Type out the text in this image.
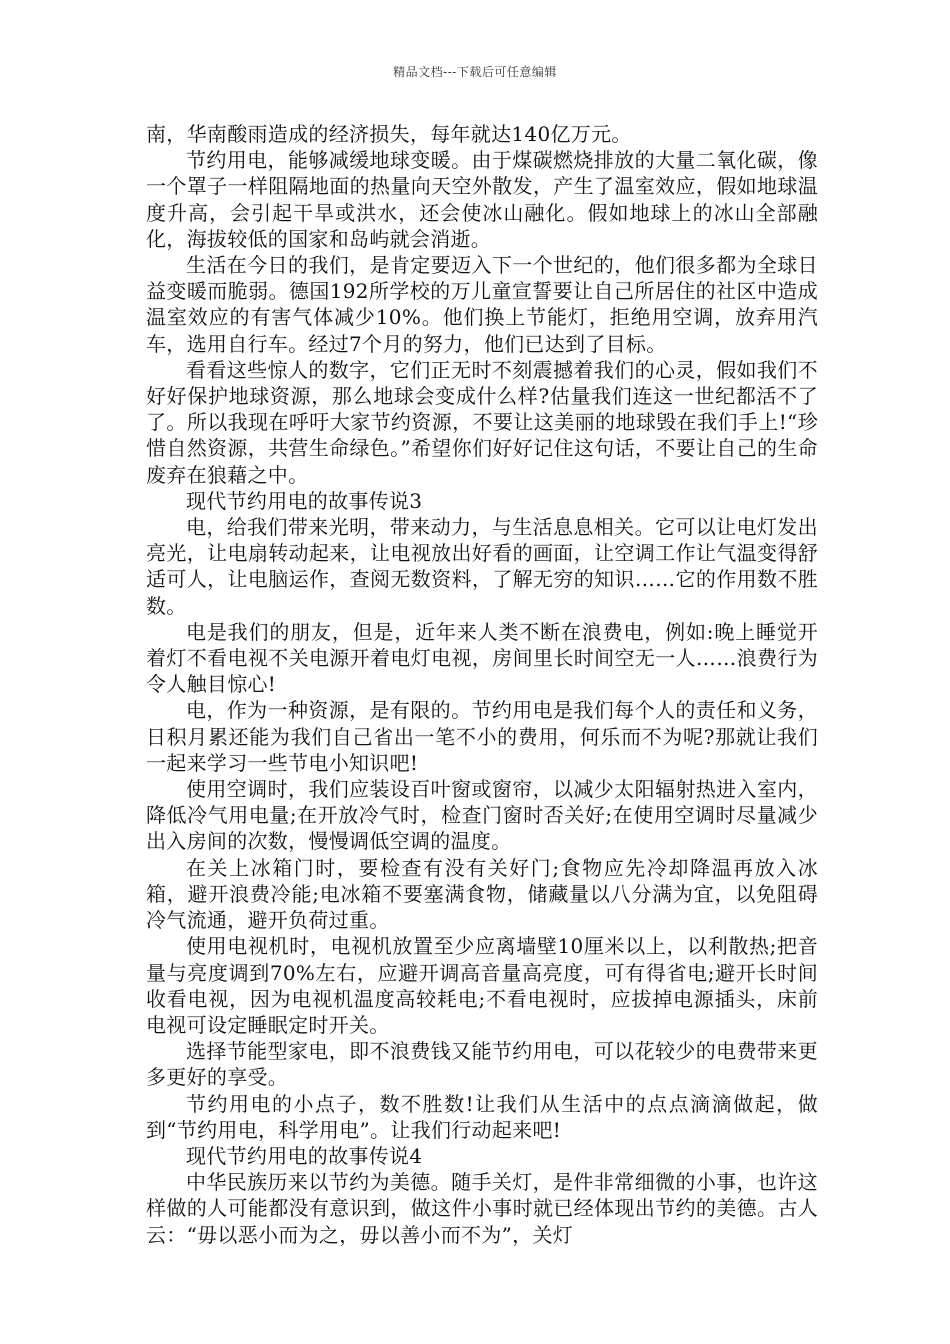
精品文档---下载后可任意编辑

南，华南酸雨造成的经济损失，每年就达140亿万元。

节约用电，能够减缓地球变暖。由于煤碳燃烧排放的大量二氧化碳，像一个罩子一样阻隔地面的热量向天空外散发，产生了温室效应，假如地球温度升高，会引起干旱或洪水，还会使冰山融化。假如地球上的冰山全部融化，海拔较低的国家和岛屿就会消逝。

生活在今日的我们，是肯定要迈入下一个世纪的，他们很多都为全球日益变暖而脆弱。德国192所学校的万儿童宣誓要让自己所居住的社区中造成温室效应的有害气体减少10%。他们换上节能灯，拒绝用空调，放弃用汽车，选用自行车。经过7个月的努力，他们已达到了目标。

看看这些惊人的数字，它们正无时不刻震撼着我们的心灵，假如我们不好好保护地球资源，那么地球会变成什么样?估量我们连这一世纪都活不了了。所以我现在呼吁大家节约资源，不要让这美丽的地球毁在我们手上!“珍惜自然资源，共营生命绿色。”希望你们好好记住这句话，不要让自己的生命废弃在狼藉之中。

现代节约用电的故事传说3

电，给我们带来光明，带来动力，与生活息息相关。它可以让电灯发出亮光，让电扇转动起来，让电视放出好看的画面，让空调工作让气温变得舒适可人，让电脑运作，查阅无数资料，了解无穷的知识……它的作用数不胜数。

电是我们的朋友，但是，近年来人类不断在浪费电，例如:晚上睡觉开着灯不看电视不关电源开着电灯电视，房间里长时间空无一人……浪费行为令人触目惊心!

电，作为一种资源，是有限的。节约用电是我们每个人的责任和义务，日积月累还能为我们自己省出一笔不小的费用，何乐而不为呢?那就让我们一起来学习一些节电小知识吧!

使用空调时，我们应装设百叶窗或窗帘，以减少太阳辐射热进入室内，降低冷气用电量;在开放冷气时，检查门窗时否关好;在使用空调时尽量减少出入房间的次数，慢慢调低空调的温度。

在关上冰箱门时，要检查有没有关好门;食物应先冷却降温再放入冰箱，避开浪费冷能;电冰箱不要塞满食物，储藏量以八分满为宜，以免阻碍冷气流通，避开负荷过重。

使用电视机时，电视机放置至少应离墙壁10厘米以上，以利散热;把音量与亮度调到70%左右，应避开调高音量高亮度，可有得省电;避开长时间收看电视，因为电视机温度高较耗电;不看电视时，应拔掉电源插头，床前电视可设定睡眠定时开关。

选择节能型家电，即不浪费钱又能节约用电，可以花较少的电费带来更多更好的享受。

节约用电的小点子，数不胜数!让我们从生活中的点点滴滴做起，做到“节约用电，科学用电”。让我们行动起来吧!

现代节约用电的故事传说4

中华民族历来以节约为美德。随手关灯，是件非常细微的小事，也许这样做的人可能都没有意识到，做这件小事时就已经体现出节约的美德。古人云：“毋以恶小而为之，毋以善小而不为”，关灯
